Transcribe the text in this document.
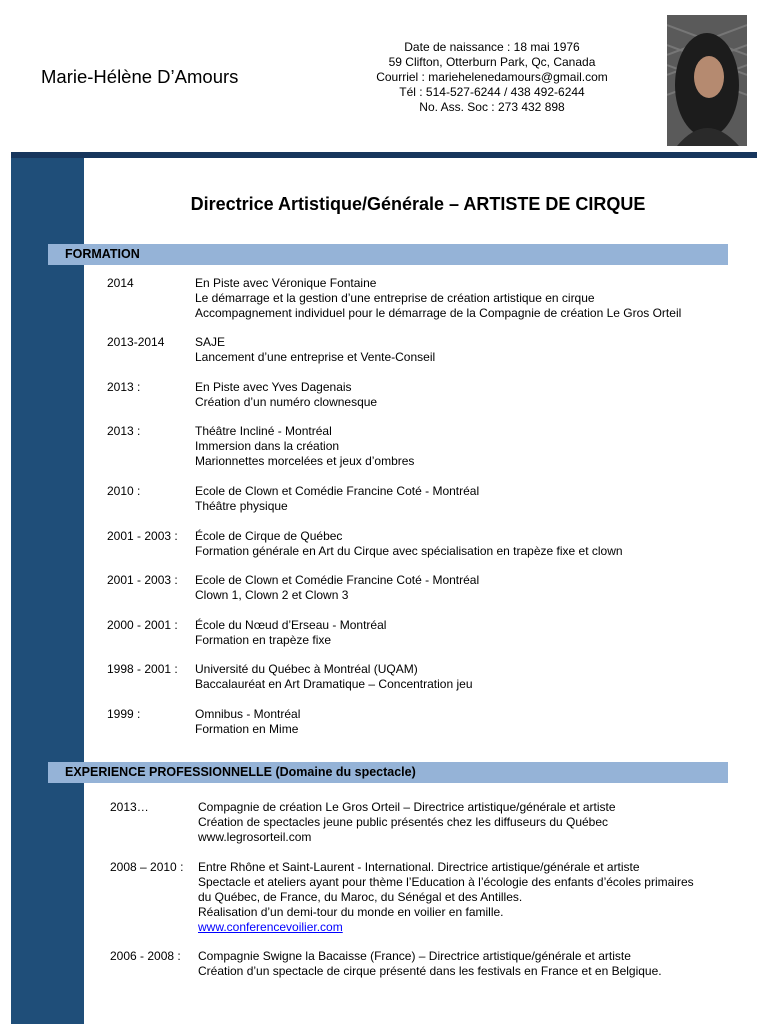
Marie-Hélène D’Amours
Date de naissance : 18 mai 1976
59 Clifton, Otterburn Park, Qc, Canada
Courriel : mariehelenedamours@gmail.com
Tél : 514-527-6244 / 438 492-6244
No. Ass. Soc : 273 432 898
Directrice Artistique/Générale – ARTISTE DE CIRQUE
FORMATION
2014	En Piste avec Véronique Fontaine
Le démarrage et la gestion d’une entreprise de création artistique en cirque
Accompagnement individuel pour le démarrage de la Compagnie de création Le Gros Orteil
2013-2014	SAJE
Lancement d’une entreprise et Vente-Conseil
2013 :	En Piste avec Yves Dagenais
Création d’un numéro clownesque
2013 :	Théâtre Incliné - Montréal
Immersion dans la création
Marionnettes morcelées et jeux d’ombres
2010 :	Ecole de Clown et Comédie Francine Coté - Montréal
Théâtre physique
2001 - 2003 : École de Cirque de Québec
Formation générale en Art du Cirque avec spécialisation en trapèze fixe et clown
2001 - 2003 : Ecole de Clown et Comédie Francine Coté - Montréal
Clown 1, Clown 2 et Clown 3
2000 - 2001 : École du Nœud d’Erseau - Montréal
Formation en trapèze fixe
1998 - 2001 : Université du Québec à Montréal (UQAM)
Baccalauréat en Art Dramatique – Concentration jeu
1999 :	Omnibus - Montréal
Formation en Mime
EXPERIENCE PROFESSIONNELLE (Domaine du spectacle)
2013…	Compagnie de création Le Gros Orteil – Directrice artistique/générale et artiste
Création de spectacles jeune public présentés chez les diffuseurs du Québec
www.legrosorteil.com
2008 – 2010 : Entre Rhône et Saint-Laurent - International. Directrice artistique/générale et artiste
Spectacle et ateliers ayant pour thème l’Education à l’écologie des enfants d’écoles primaires
du Québec, de France, du Maroc, du Sénégal et des Antilles.
Réalisation d’un demi-tour du monde en voilier en famille.
www.conferencevoilier.com
2006 - 2008 : Compagnie Swigne la Bacaisse (France) – Directrice artistique/générale et artiste
Création d’un spectacle de cirque présenté dans les festivals en France et en Belgique.
